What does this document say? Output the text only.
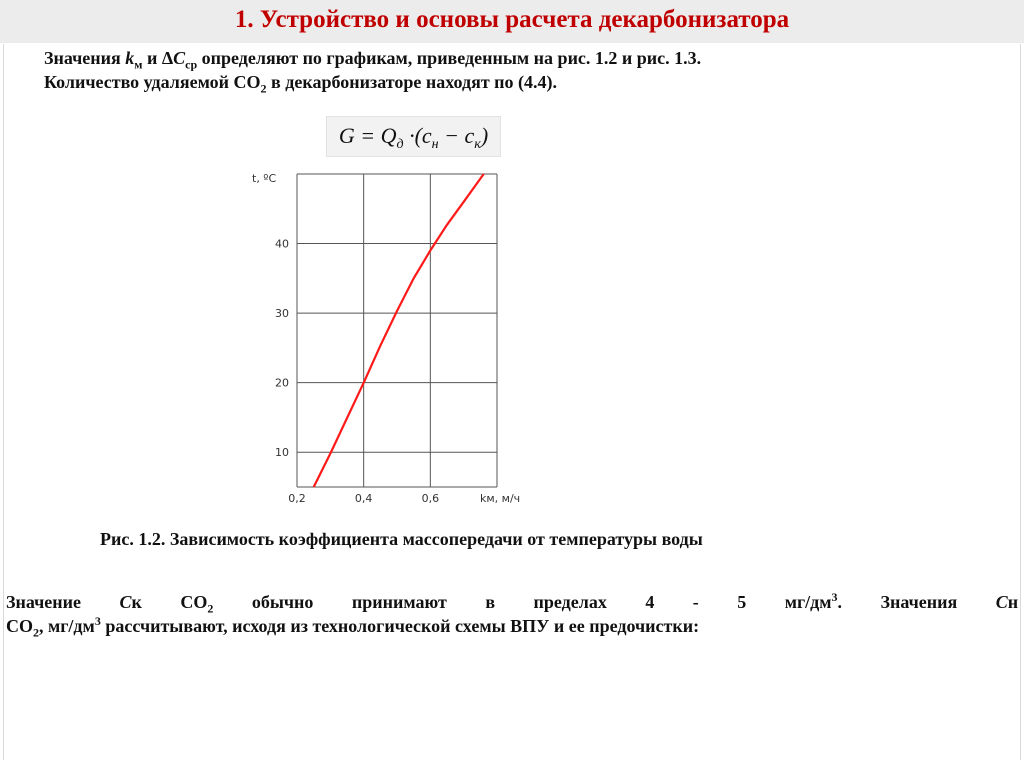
1. Устройство и основы расчета декарбонизатора
Значения $k_м$ и $\Delta C_{ср}$ определяют по графикам, приведенным на рис. 1.2 и рис. 1.3.
Количество удаляемой $СО_2$ в декарбонизаторе находят по (4.4).
$G = Q_д \cdot(c_н - c_к)$
0,2	0,4	0,6
10
20
30
40
t, ºC
kм, м/ч
Рис. 1.2. Зависимость коэффициента массопередачи от температуры воды
Значение Ск $СО_2$ обычно принимают в пределах 4 - 5 $мг/дм^3$. Значения Сн
$СО_2$, $мг/дм^3$ рассчитывают, исходя из технологической схемы ВПУ и ее предочистки:
